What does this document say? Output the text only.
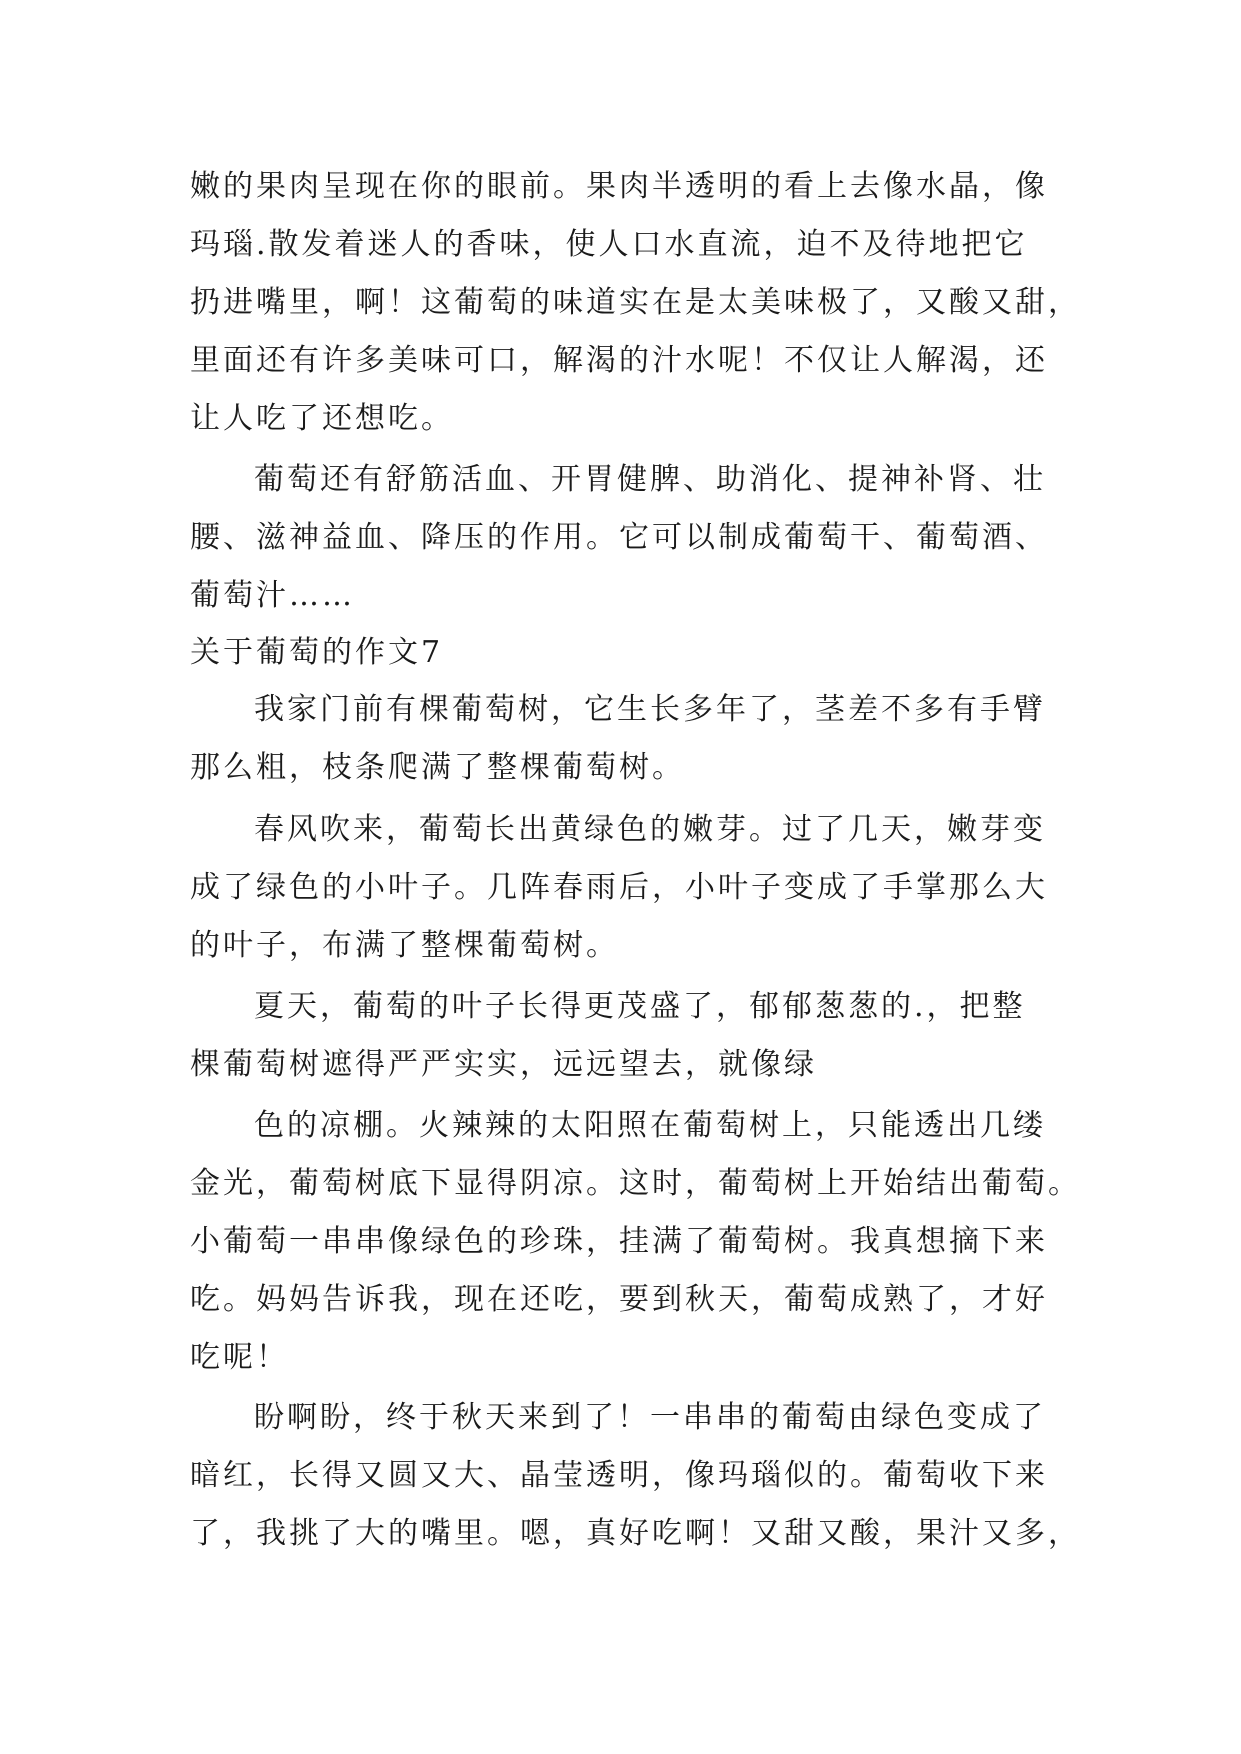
嫩的果肉呈现在你的眼前。果肉半透明的看上去像水晶，像
玛瑙.散发着迷人的香味，使人口水直流，迫不及待地把它
扔进嘴里，啊！这葡萄的味道实在是太美味极了，又酸又甜，
里面还有许多美味可口，解渴的汁水呢！不仅让人解渴，还
让人吃了还想吃。
葡萄还有舒筋活血、开胃健脾、助消化、提神补肾、壮
腰、滋神益血、降压的作用。它可以制成葡萄干、葡萄酒、
葡萄汁……
关于葡萄的作文7
我家门前有棵葡萄树，它生长多年了，茎差不多有手臂
那么粗，枝条爬满了整棵葡萄树。
春风吹来，葡萄长出黄绿色的嫩芽。过了几天，嫩芽变
成了绿色的小叶子。几阵春雨后，小叶子变成了手掌那么大
的叶子，布满了整棵葡萄树。
夏天，葡萄的叶子长得更茂盛了，郁郁葱葱的.，把整
棵葡萄树遮得严严实实，远远望去，就像绿
色的凉棚。火辣辣的太阳照在葡萄树上，只能透出几缕
金光，葡萄树底下显得阴凉。这时，葡萄树上开始结出葡萄。
小葡萄一串串像绿色的珍珠，挂满了葡萄树。我真想摘下来
吃。妈妈告诉我，现在还吃，要到秋天，葡萄成熟了，才好
吃呢！
盼啊盼，终于秋天来到了！一串串的葡萄由绿色变成了
暗红，长得又圆又大、晶莹透明，像玛瑙似的。葡萄收下来
了，我挑了大的嘴里。嗯，真好吃啊！又甜又酸，果汁又多，
